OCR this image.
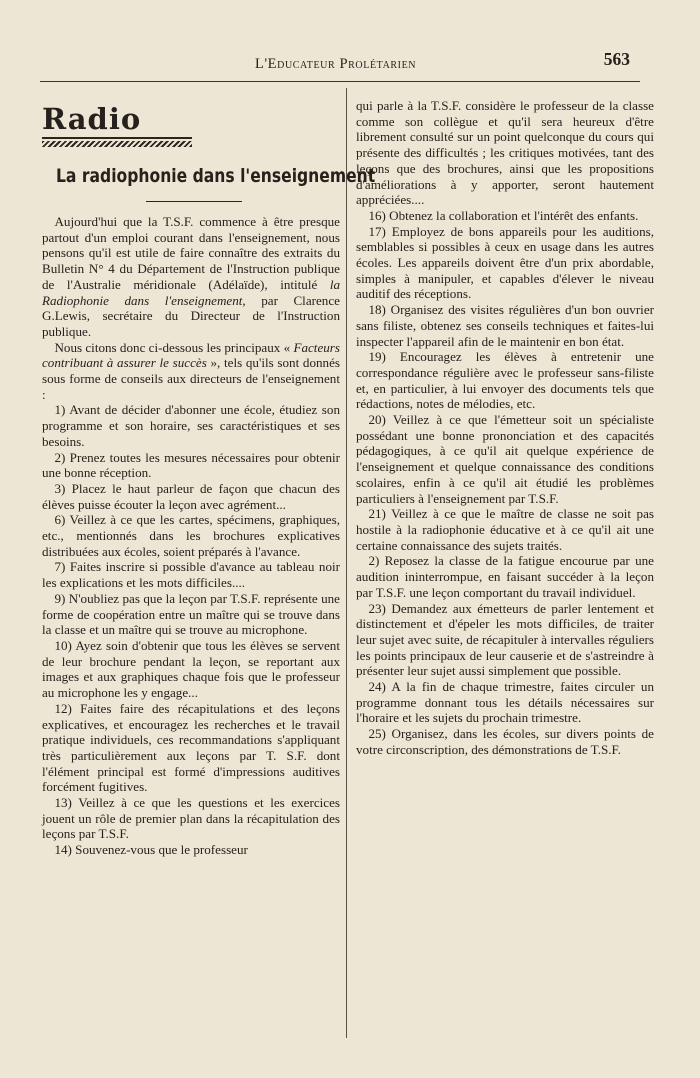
L'Educateur Prolétarien	563
Radio
La radiophonie dans l'enseignement

Aujourd'hui que la T.S.F. commence à être presque partout d'un emploi courant dans l'enseignement, nous pensons qu'il est utile de faire connaître des extraits du Bulletin N° 4 du Département de l'Instruction publique de l'Australie méridionale (Adélaïde), intitulé la Radiophonie dans l'enseignement, par Clarence G.Lewis, secrétaire du Directeur de l'Instruction publique.

Nous citons donc ci-dessous les principaux « Facteurs contribuant à assurer le succès », tels qu'ils sont donnés sous forme de conseils aux directeurs de l'enseignement :

1) Avant de décider d'abonner une école, étudiez son programme et son horaire, ses caractéristiques et ses besoins.

2) Prenez toutes les mesures nécessaires pour obtenir une bonne réception.

3) Placez le haut parleur de façon que chacun des élèves puisse écouter la leçon avec agrément...

6) Veillez à ce que les cartes, spécimens, graphiques, etc., mentionnés dans les brochures explicatives distribuées aux écoles, soient préparés à l'avance.

7) Faites inscrire si possible d'avance au tableau noir les explications et les mots difficiles....

9) N'oubliez pas que la leçon par T.S.F. représente une forme de coopération entre un maître qui se trouve dans la classe et un maître qui se trouve au microphone.

10) Ayez soin d'obtenir que tous les élèves se servent de leur brochure pendant la leçon, se reportant aux images et aux graphiques chaque fois que le professeur au microphone les y engage...

12) Faites faire des récapitulations et des leçons explicatives, et encouragez les recherches et le travail pratique individuels, ces recommandations s'appliquant très particulièrement aux leçons par T. S.F. dont l'élément principal est formé d'impressions auditives forcément fugitives.

13) Veillez à ce que les questions et les exercices jouent un rôle de premier plan dans la récapitulation des leçons par T.S.F.

14) Souvenez-vous que le professeur

qui parle à la T.S.F. considère le professeur de la classe comme son collègue et qu'il sera heureux d'être librement consulté sur un point quelconque du cours qui présente des difficultés ; les critiques motivées, tant des leçons que des brochures, ainsi que les propositions d'améliorations à y apporter, seront hautement appréciées....

16) Obtenez la collaboration et l'intérêt des enfants.

17) Employez de bons appareils pour les auditions, semblables si possibles à ceux en usage dans les autres écoles. Les appareils doivent être d'un prix abordable, simples à manipuler, et capables d'élever le niveau auditif des réceptions.

18) Organisez des visites régulières d'un bon ouvrier sans filiste, obtenez ses conseils techniques et faites-lui inspecter l'appareil afin de le maintenir en bon état.

19) Encouragez les élèves à entretenir une correspondance régulière avec le professeur sans-filiste et, en particulier, à lui envoyer des documents tels que rédactions, notes de mélodies, etc.

20) Veillez à ce que l'émetteur soit un spécialiste possédant une bonne prononciation et des capacités pédagogiques, à ce qu'il ait quelque expérience de l'enseignement et quelque connaissance des conditions scolaires, enfin à ce qu'il ait étudié les problèmes particuliers à l'enseignement par T.S.F.

21) Veillez à ce que le maître de classe ne soit pas hostile à la radiophonie éducative et à ce qu'il ait une certaine connaissance des sujets traités.

2) Reposez la classe de la fatigue encourue par une audition ininterrompue, en faisant succéder à la leçon par T.S.F. une leçon comportant du travail individuel.

23) Demandez aux émetteurs de parler lentement et distinctement et d'épeler les mots difficiles, de traiter leur sujet avec suite, de récapituler à intervalles réguliers les points principaux de leur causerie et de s'astreindre à présenter leur sujet aussi simplement que possible.

24) A la fin de chaque trimestre, faites circuler un programme donnant tous les détails nécessaires sur l'horaire et les sujets du prochain trimestre.

25) Organisez, dans les écoles, sur divers points de votre circonscription, des démonstrations de T.S.F.
